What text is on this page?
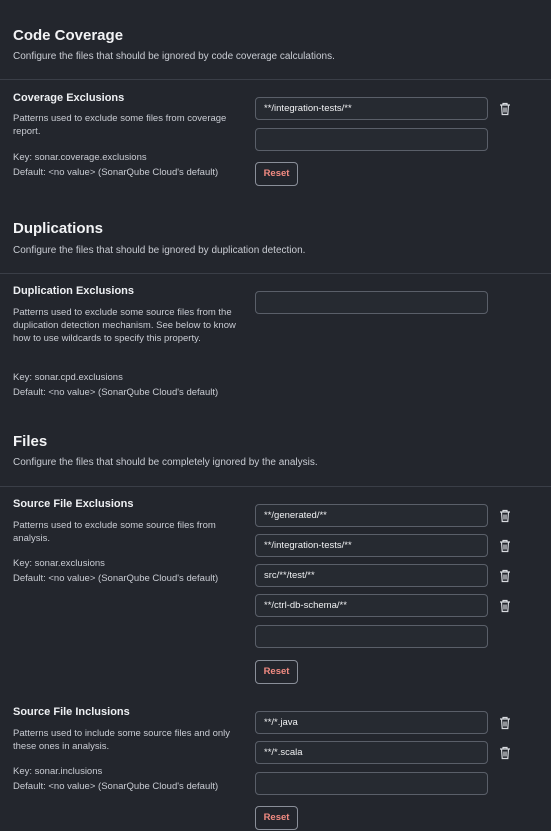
Code Coverage
Configure the files that should be ignored by code coverage calculations.
Coverage Exclusions
Patterns used to exclude some files from coverage report.
Key: sonar.coverage.exclusions
Default: <no value> (SonarQube Cloud's default)
**/integration-tests/**
Reset
Duplications
Configure the files that should be ignored by duplication detection.
Duplication Exclusions
Patterns used to exclude some source files from the duplication detection mechanism. See below to know how to use wildcards to specify this property.
Key: sonar.cpd.exclusions
Default: <no value> (SonarQube Cloud's default)
Files
Configure the files that should be completely ignored by the analysis.
Source File Exclusions
Patterns used to exclude some source files from analysis.
Key: sonar.exclusions
Default: <no value> (SonarQube Cloud's default)
**/generated/**
**/integration-tests/**
src/**/test/**
**/ctrl-db-schema/**
Reset
Source File Inclusions
Patterns used to include some source files and only these ones in analysis.
Key: sonar.inclusions
Default: <no value> (SonarQube Cloud's default)
**/*.java
**/*.scala
Reset
